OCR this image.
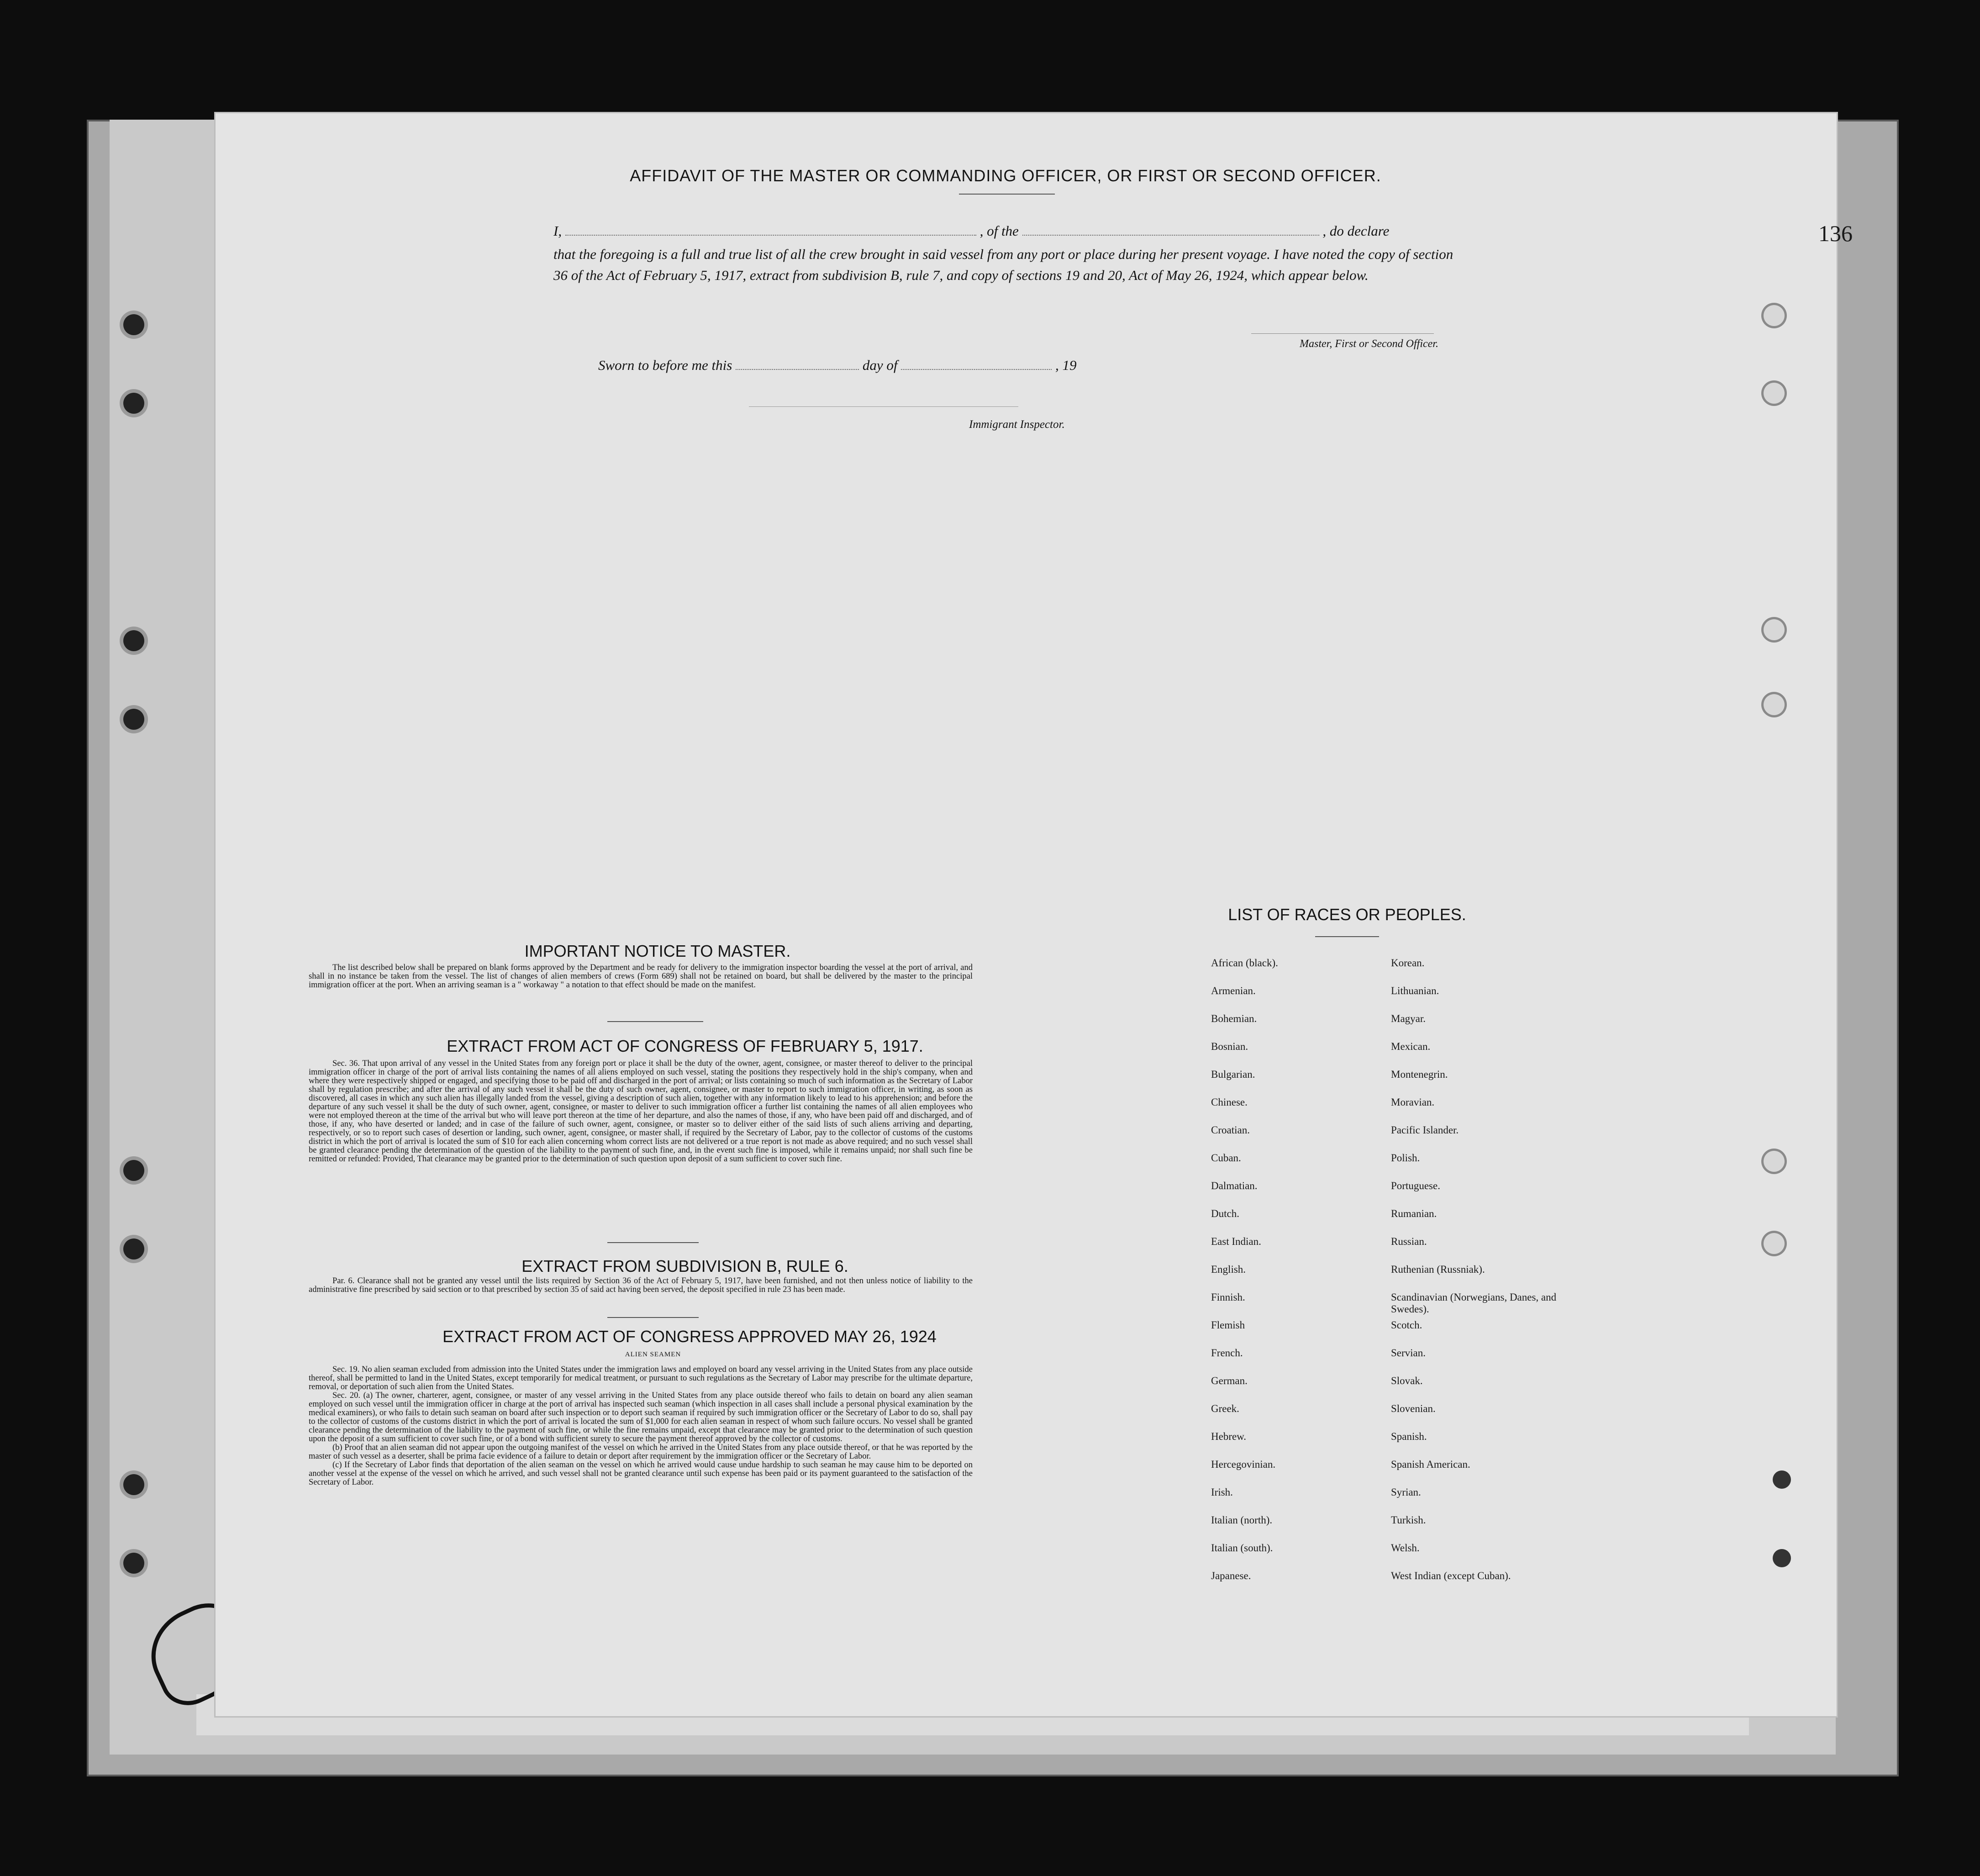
136
AFFIDAVIT OF THE MASTER OR COMMANDING OFFICER, OR FIRST OR SECOND OFFICER.
I,	, of the	, do declare
that the foregoing is a full and true list of all the crew brought in said vessel from any port or place during her present voyage. I have noted the copy of section 36 of the Act of February 5, 1917, extract from subdivision B, rule 7, and copy of sections 19 and 20, Act of May 26, 1924, which appear below.
Master, First or Second Officer.
Sworn to before me this	day of	, 19
Immigrant Inspector.
IMPORTANT NOTICE TO MASTER.
The list described below shall be prepared on blank forms approved by the Department and be ready for delivery to the immigration inspector boarding the vessel at the port of arrival, and shall in no instance be taken from the vessel. The list of changes of alien members of crews (Form 689) shall not be retained on board, but shall be delivered by the master to the principal immigration officer at the port. When an arriving seaman is a " workaway " a notation to that effect should be made on the manifest.
EXTRACT FROM ACT OF CONGRESS OF FEBRUARY 5, 1917.
Sec. 36. That upon arrival of any vessel in the United States from any foreign port or place it shall be the duty of the owner, agent, consignee, or master thereof to deliver to the principal immigration officer in charge of the port of arrival lists containing the names of all aliens employed on such vessel, stating the positions they respectively hold in the ship's company, when and where they were respectively shipped or engaged, and specifying those to be paid off and discharged in the port of arrival; or lists containing so much of such information as the Secretary of Labor shall by regulation prescribe; and after the arrival of any such vessel it shall be the duty of such owner, agent, consignee, or master to report to such immigration officer, in writing, as soon as discovered, all cases in which any such alien has illegally landed from the vessel, giving a description of such alien, together with any information likely to lead to his apprehension; and before the departure of any such vessel it shall be the duty of such owner, agent, consignee, or master to deliver to such immigration officer a further list containing the names of all alien employees who were not employed thereon at the time of the arrival but who will leave port thereon at the time of her departure, and also the names of those, if any, who have been paid off and discharged, and of those, if any, who have deserted or landed; and in case of the failure of such owner, agent, consignee, or master so to deliver either of the said lists of such aliens arriving and departing, respectively, or so to report such cases of desertion or landing, such owner, agent, consignee, or master shall, if required by the Secretary of Labor, pay to the collector of customs of the customs district in which the port of arrival is located the sum of $10 for each alien concerning whom correct lists are not delivered or a true report is not made as above required; and no such vessel shall be granted clearance pending the determination of the question of the liability to the payment of such fine, and, in the event such fine is imposed, while it remains unpaid; nor shall such fine be remitted or refunded: Provided, That clearance may be granted prior to the determination of such question upon deposit of a sum sufficient to cover such fine.
EXTRACT FROM SUBDIVISION B, RULE 6.
Par. 6. Clearance shall not be granted any vessel until the lists required by Section 36 of the Act of February 5, 1917, have been furnished, and not then unless notice of liability to the administrative fine prescribed by said section or to that prescribed by section 35 of said act having been served, the deposit specified in rule 23 has been made.
EXTRACT FROM ACT OF CONGRESS APPROVED MAY 26, 1924
ALIEN SEAMEN

Sec. 19. No alien seaman excluded from admission into the United States under the immigration laws and employed on board any vessel arriving in the United States from any place outside thereof, shall be permitted to land in the United States, except temporarily for medical treatment, or pursuant to such regulations as the Secretary of Labor may prescribe for the ultimate departure, removal, or deportation of such alien from the United States.

Sec. 20. (a) The owner, charterer, agent, consignee, or master of any vessel arriving in the United States from any place outside thereof who fails to detain on board any alien seaman employed on such vessel until the immigration officer in charge at the port of arrival has inspected such seaman (which inspection in all cases shall include a personal physical examination by the medical examiners), or who fails to detain such seaman on board after such inspection or to deport such seaman if required by such immigration officer or the Secretary of Labor to do so, shall pay to the collector of customs of the customs district in which the port of arrival is located the sum of $1,000 for each alien seaman in respect of whom such failure occurs. No vessel shall be granted clearance pending the determination of the liability to the payment of such fine, or while the fine remains unpaid, except that clearance may be granted prior to the determination of such question upon the deposit of a sum sufficient to cover such fine, or of a bond with sufficient surety to secure the payment thereof approved by the collector of customs.

(b) Proof that an alien seaman did not appear upon the outgoing manifest of the vessel on which he arrived in the United States from any place outside thereof, or that he was reported by the master of such vessel as a deserter, shall be prima facie evidence of a failure to detain or deport after requirement by the immigration officer or the Secretary of Labor.

(c) If the Secretary of Labor finds that deportation of the alien seaman on the vessel on which he arrived would cause undue hardship to such seaman he may cause him to be deported on another vessel at the expense of the vessel on which he arrived, and such vessel shall not be granted clearance until such expense has been paid or its payment guaranteed to the satisfaction of the Secretary of Labor.

LIST OF RACES OR PEOPLES.
African (black).
Armenian.
Bohemian.
Bosnian.
Bulgarian.
Chinese.
Croatian.
Cuban.
Dalmatian.
Dutch.
East Indian.
English.
Finnish.
Flemish
French.
German.
Greek.
Hebrew.
Hercegovinian.
Irish.
Italian (north).
Italian (south).
Japanese.
Korean.
Lithuanian.
Magyar.
Mexican.
Montenegrin.
Moravian.
Pacific Islander.
Polish.
Portuguese.
Rumanian.
Russian.
Ruthenian (Russniak).
Scandinavian (Norwegians, Danes, and Swedes).
Scotch.
Servian.
Slovak.
Slovenian.
Spanish.
Spanish American.
Syrian.
Turkish.
Welsh.
West Indian (except Cuban).
